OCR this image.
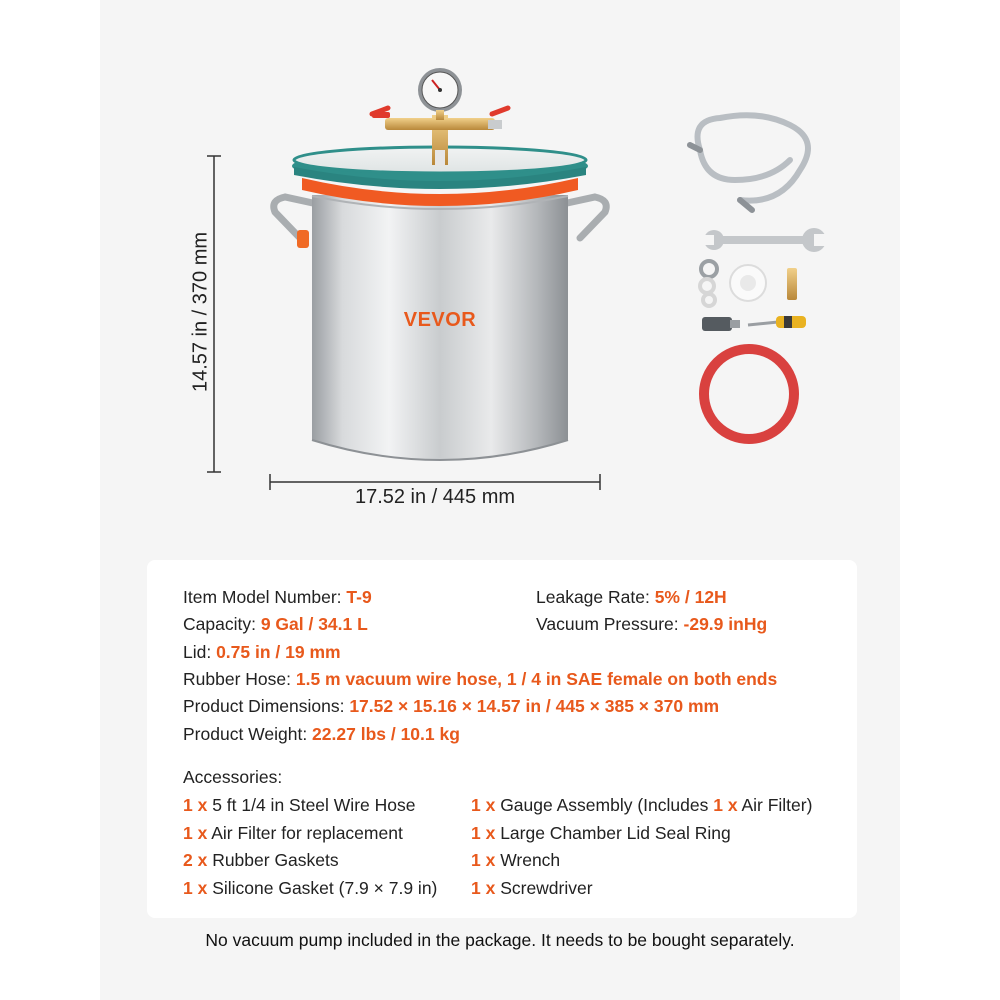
VEVOR
14.57 in / 370 mm
17.52 in / 445 mm
Item Model Number: T-9	Leakage Rate: 5% / 12H
Capacity: 9 Gal / 34.1 L	Vacuum Pressure: -29.9 inHg
Lid: 0.75 in / 19 mm
Rubber Hose: 1.5 m vacuum wire hose, 1 / 4 in SAE female on both ends
Product Dimensions: 17.52 × 15.16 × 14.57 in / 445 × 385 × 370 mm
Product Weight: 22.27 lbs / 10.1 kg
Accessories:
1 x 5 ft 1/4 in Steel Wire Hose
1 x Air Filter for replacement
2 x Rubber Gaskets
1 x Silicone Gasket (7.9 × 7.9 in)
1 x Gauge Assembly (Includes 1 x Air Filter)
1 x Large Chamber Lid Seal Ring
1 x Wrench
1 x Screwdriver
No vacuum pump included in the package. It needs to be bought separately.
